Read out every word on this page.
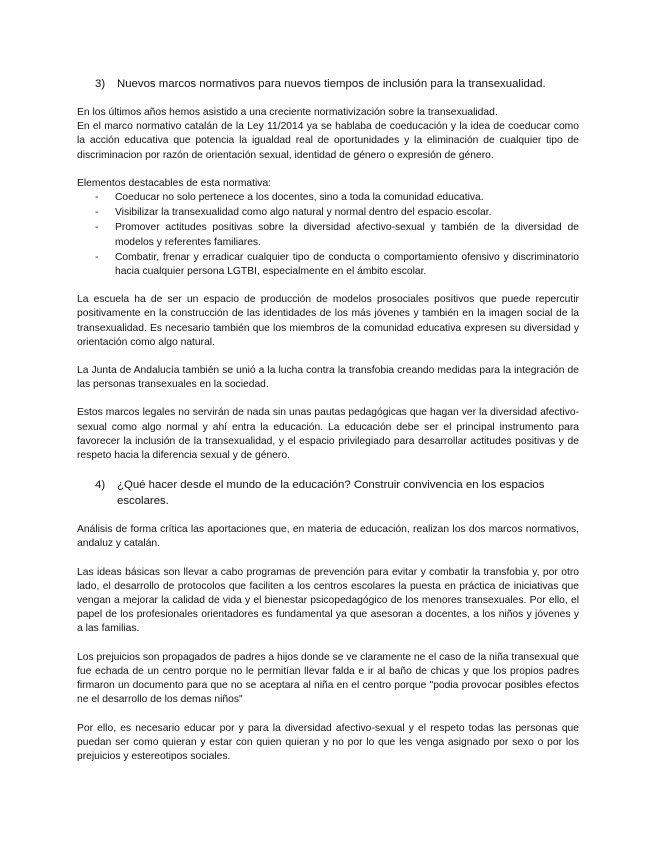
3)	Nuevos marcos normativos para nuevos tiempos de inclusión para la transexualidad.

En los últimos años hemos asistido a una creciente normativización sobre la transexualidad.
En el marco normativo catalán de la Ley 11/2014 ya se hablaba de coeducación y la idea de coeducar como la acción educativa que potencia la igualdad real de oportunidades y la eliminación de cualquier tipo de discriminacion por razón de orientación sexual, identidad de género o expresión de género.

Elementos destacables de esta normativa:

-	Coeducar no solo pertenece a los docentes, sino a toda la comunidad educativa.
-	Visibilizar la transexualidad como algo natural y normal dentro del espacio escolar.
-	Promover actitudes positivas sobre la diversidad afectivo-sexual y también de la diversidad de modelos y referentes familiares.
-	Combatir, frenar y erradicar cualquier tipo de conducta o comportamiento ofensivo y discriminatorio hacia cualquier persona LGTBI, especialmente en el ámbito escolar.

La escuela ha de ser un espacio de producción de modelos prosociales positivos que puede repercutir positivamente en la construcción de las identidades de los más jóvenes y también en la imagen social de la transexualidad. Es necesario también que los miembros de la comunidad educativa expresen su diversidad y orientación como algo natural.

La Junta de Andalucía también se unió a la lucha contra la transfobia creando medidas para la integración de las personas transexuales en la sociedad.

Estos marcos legales no servirán de nada sin unas pautas pedagógicas que hagan ver la diversidad afectivo-sexual como algo normal y ahí entra la educación. La educación debe ser el principal instrumento para favorecer la inclusión de la transexualidad, y el espacio privilegiado para desarrollar actitudes positivas y de respeto hacia la diferencia sexual y de género.

4)	¿Qué hacer desde el mundo de la educación? Construir convivencia en los espacios escolares.

Análisis de forma crítica las aportaciones que, en materia de educación, realizan los dos marcos normativos, andaluz y catalán.

Las ideas básicas son llevar a cabo programas de prevención para evitar y combatir la transfobia y, por otro lado, el desarrollo de protocolos que faciliten a los centros escolares la puesta en práctica de iniciativas que vengan a mejorar la calidad de vida y el bienestar psicopedagógico de los menores transexuales. Por ello, el papel de los profesionales orientadores es fundamental ya que asesoran a docentes, a los niños y jóvenes y a las familias.

Los prejuicios son propagados de padres a hijos donde se ve claramente ne el caso de la niña transexual que fue echada de un centro porque no le permitían llevar falda e ir al baño de chicas y que los propios padres firmaron un documento para que no se aceptara al niña en el centro porque "podia provocar posibles efectos ne el desarrollo de los demas niños"

Por ello, es necesario educar por y para la diversidad afectivo-sexual y el respeto todas las personas que puedan ser como quieran y estar con quien quieran y no por lo que les venga asignado por sexo o por los prejuicios y estereotipos sociales.
